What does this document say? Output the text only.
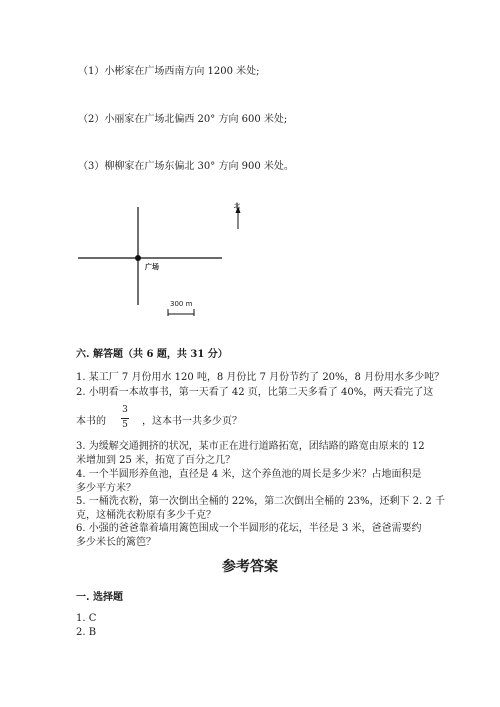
（1）小彬家在广场西南方向 1200 米处;
（2）小丽家在广场北偏西 20° 方向 600 米处;
（3）柳柳家在广场东偏北 30° 方向 900 米处。
广场
北
300 m
六. 解答题（共 6 题，共 31 分）
1. 某工厂 7 月份用水 120 吨，8 月份比 7 月份节约了 20%，8 月份用水多少吨？
2. 小明看一本故事书，第一天看了 42 页，比第二天多看了 40%，两天看完了这
本书的
3
5 ，这本书一共多少页？
3. 为缓解交通拥挤的状况，某市正在进行道路拓宽，团结路的路宽由原来的 12
米增加到 25 米，拓宽了百分之几？
4. 一个半圆形养鱼池，直径是 4 米，这个养鱼池的周长是多少米？占地面积是
多少平方米？
5. 一桶洗衣粉，第一次倒出全桶的 22%，第二次倒出全桶的 23%，还剩下 2. 2 千
克，这桶洗衣粉原有多少千克？
6. 小强的爸爸靠着墙用篱笆围成一个半圆形的花坛，半径是 3 米，爸爸需要约
多少米长的篱笆？
参考答案
一. 选择题
1. C
2. B
